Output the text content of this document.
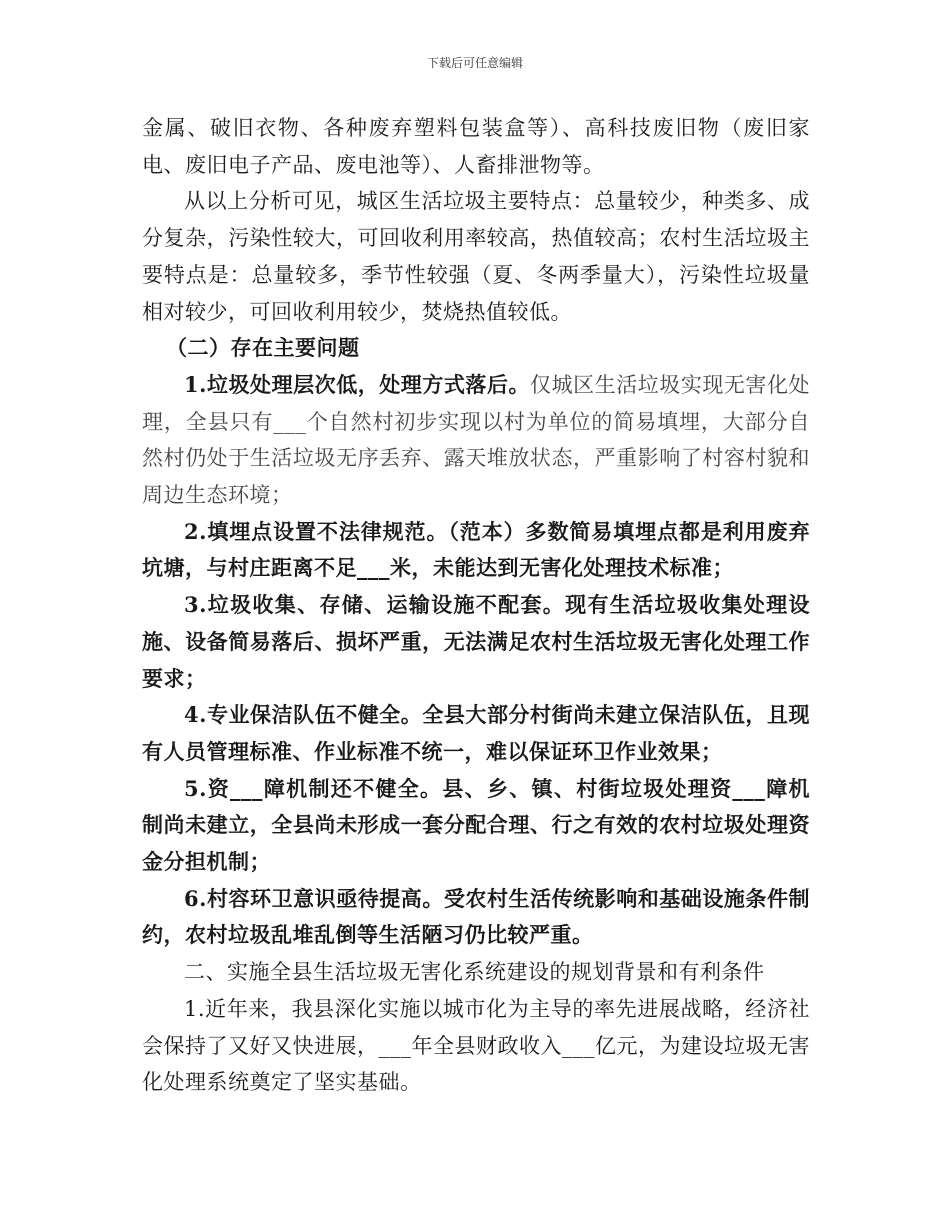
下载后可任意编辑

金属、破旧衣物、各种废弃塑料包装盒等）、高科技废旧物（废旧家电、废旧电子产品、废电池等）、人畜排泄物等。

从以上分析可见，城区生活垃圾主要特点：总量较少，种类多、成分复杂，污染性较大，可回收利用率较高，热值较高；农村生活垃圾主要特点是：总量较多，季节性较强（夏、冬两季量大），污染性垃圾量相对较少，可回收利用较少，焚烧热值较低。

（二）存在主要问题

1.垃圾处理层次低，处理方式落后。仅城区生活垃圾实现无害化处理，全县只有___个自然村初步实现以村为单位的简易填埋，大部分自然村仍处于生活垃圾无序丢弃、露天堆放状态，严重影响了村容村貌和周边生态环境；

2.填埋点设置不法律规范。（范本）多数简易填埋点都是利用废弃坑塘，与村庄距离不足___米，未能达到无害化处理技术标准；

3.垃圾收集、存储、运输设施不配套。现有生活垃圾收集处理设施、设备简易落后、损坏严重，无法满足农村生活垃圾无害化处理工作要求；

4.专业保洁队伍不健全。全县大部分村街尚未建立保洁队伍，且现有人员管理标准、作业标准不统一，难以保证环卫作业效果；

5.资___障机制还不健全。县、乡、镇、村街垃圾处理资___障机制尚未建立，全县尚未形成一套分配合理、行之有效的农村垃圾处理资金分担机制；

6.村容环卫意识亟待提高。受农村生活传统影响和基础设施条件制约，农村垃圾乱堆乱倒等生活陋习仍比较严重。

二、实施全县生活垃圾无害化系统建设的规划背景和有利条件

1.近年来，我县深化实施以城市化为主导的率先进展战略，经济社会保持了又好又快进展，___年全县财政收入___亿元，为建设垃圾无害化处理系统奠定了坚实基础。
